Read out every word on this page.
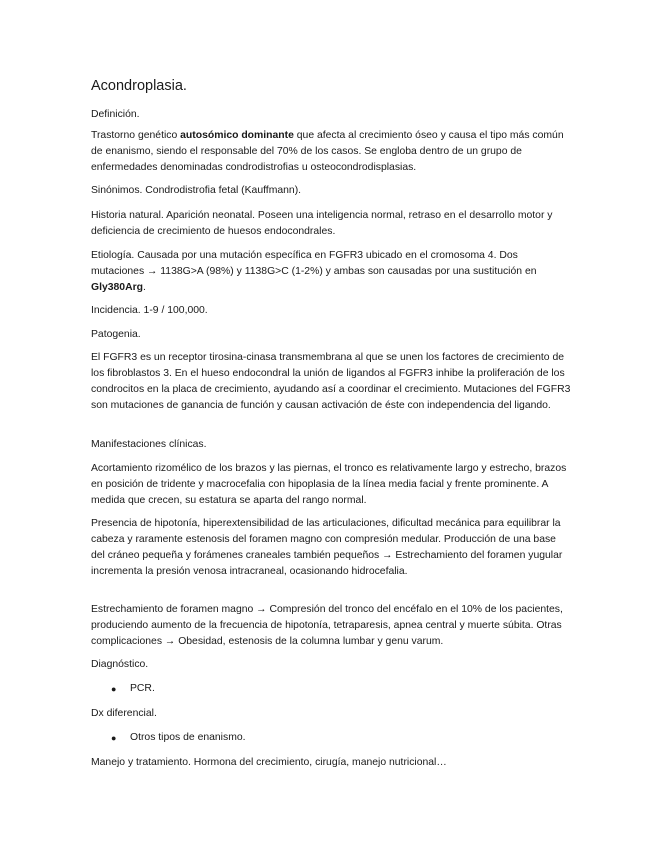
Acondroplasia.

Definición.

Trastorno genético autosómico dominante que afecta al crecimiento óseo y causa el tipo más común de enanismo, siendo el responsable del 70% de los casos. Se engloba dentro de un grupo de enfermedades denominadas condrodistrofias u osteocondrodisplasias.

Sinónimos. Condrodistrofia fetal (Kauffmann).

Historia natural. Aparición neonatal. Poseen una inteligencia normal, retraso en el desarrollo motor y deficiencia de crecimiento de huesos endocondrales.

Etiología. Causada por una mutación específica en FGFR3 ubicado en el cromosoma 4. Dos mutaciones → 1138G>A (98%) y 1138G>C (1-2%) y ambas son causadas por una sustitución en Gly380Arg.

Incidencia. 1-9 / 100,000.

Patogenia.

El FGFR3 es un receptor tirosina-cinasa transmembrana al que se unen los factores de crecimiento de los fibroblastos 3. En el hueso endocondral la unión de ligandos al FGFR3 inhibe la proliferación de los condrocitos en la placa de crecimiento, ayudando así a coordinar el crecimiento. Mutaciones del FGFR3 son mutaciones de ganancia de función y causan activación de éste con independencia del ligando.

Manifestaciones clínicas.

Acortamiento rizomélico de los brazos y las piernas, el tronco es relativamente largo y estrecho, brazos en posición de tridente y macrocefalia con hipoplasia de la línea media facial y frente prominente. A medida que crecen, su estatura se aparta del rango normal.

Presencia de hipotonía, hiperextensibilidad de las articulaciones, dificultad mecánica para equilibrar la cabeza y raramente estenosis del foramen magno con compresión medular. Producción de una base del cráneo pequeña y forámenes craneales también pequeños → Estrechamiento del foramen yugular incrementa la presión venosa intracraneal, ocasionando hidrocefalia.

Estrechamiento de foramen magno → Compresión del tronco del encéfalo en el 10% de los pacientes, produciendo aumento de la frecuencia de hipotonía, tetraparesis, apnea central y muerte súbita. Otras complicaciones → Obesidad, estenosis de la columna lumbar y genu varum.

Diagnóstico.

●	PCR.

Dx diferencial.

●	Otros tipos de enanismo.

Manejo y tratamiento. Hormona del crecimiento, cirugía, manejo nutricional…
